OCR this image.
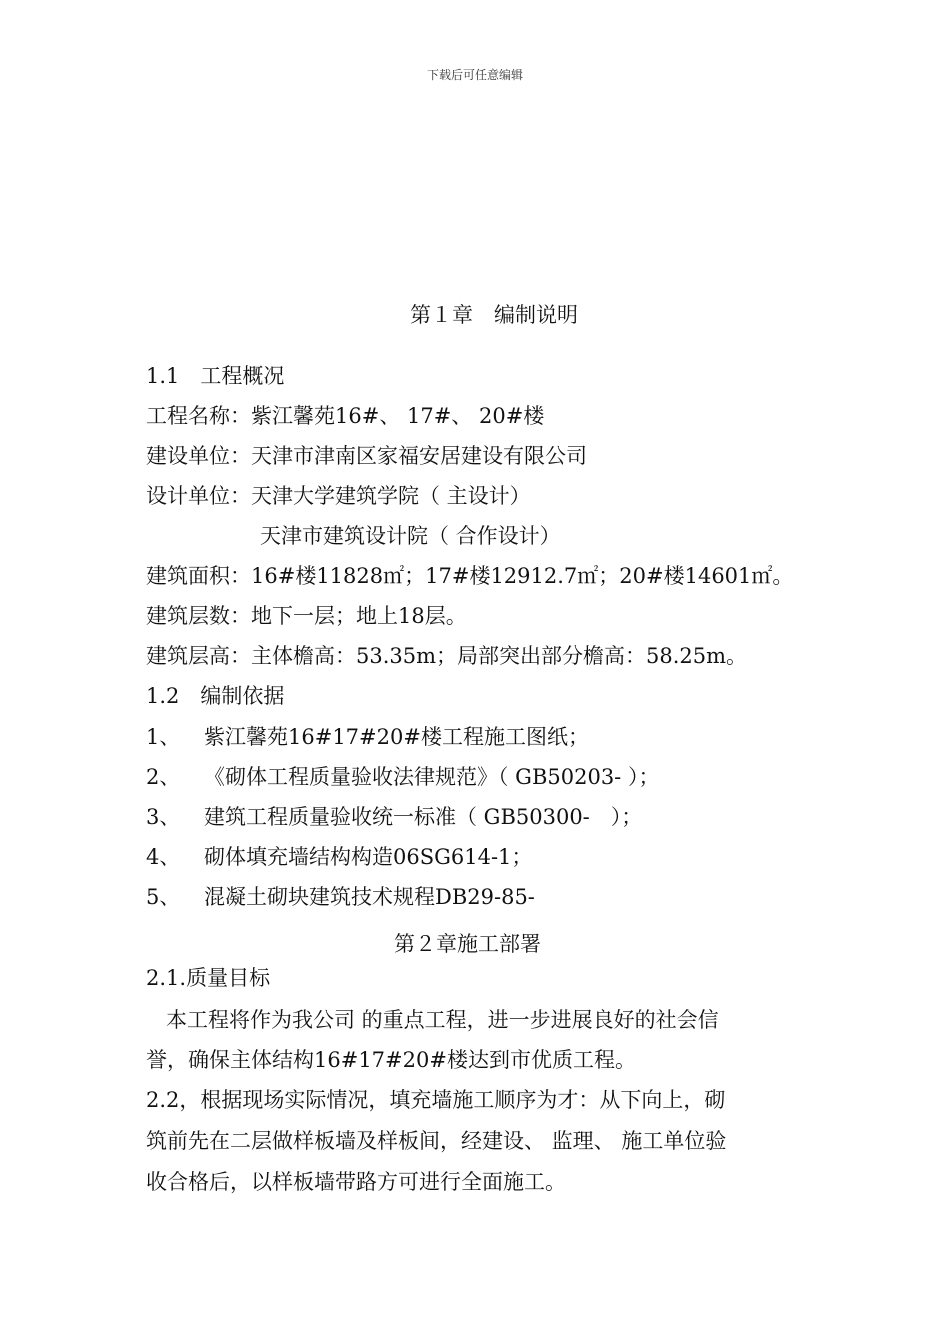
下载后可任意编辑
第１章　编制说明
1.1　工程概况
工程名称：紫江馨苑16#、 17#、 20#楼
建设单位：天津市津南区家福安居建设有限公司
设计单位：天津大学建筑学院（ 主设计）
天津市建筑设计院（ 合作设计）
建筑面积：16#楼11828㎡；17#楼12912.7㎡；20#楼14601㎡。
建筑层数：地下一层；地上18层。
建筑层高：主体檐高：53.35m；局部突出部分檐高：58.25m。
1.2　编制依据
1、 紫江馨苑16#17#20#楼工程施工图纸；
2、 《砌体工程质量验收法律规范》（ GB50203- ）；
3、 建筑工程质量验收统一标准（ GB50300-　）；
4、 砌体填充墙结构构造06SG614-1；
5、 混凝土砌块建筑技术规程DB29-85-
第２章施工部署
2.1.质量目标
本工程将作为我公司 的重点工程，进一步进展良好的社会信
誉，确保主体结构16#17#20#楼达到市优质工程。
2.2，根据现场实际情况，填充墙施工顺序为才：从下向上，砌
筑前先在二层做样板墙及样板间，经建设、 监理、 施工单位验
收合格后，以样板墙带路方可进行全面施工。
